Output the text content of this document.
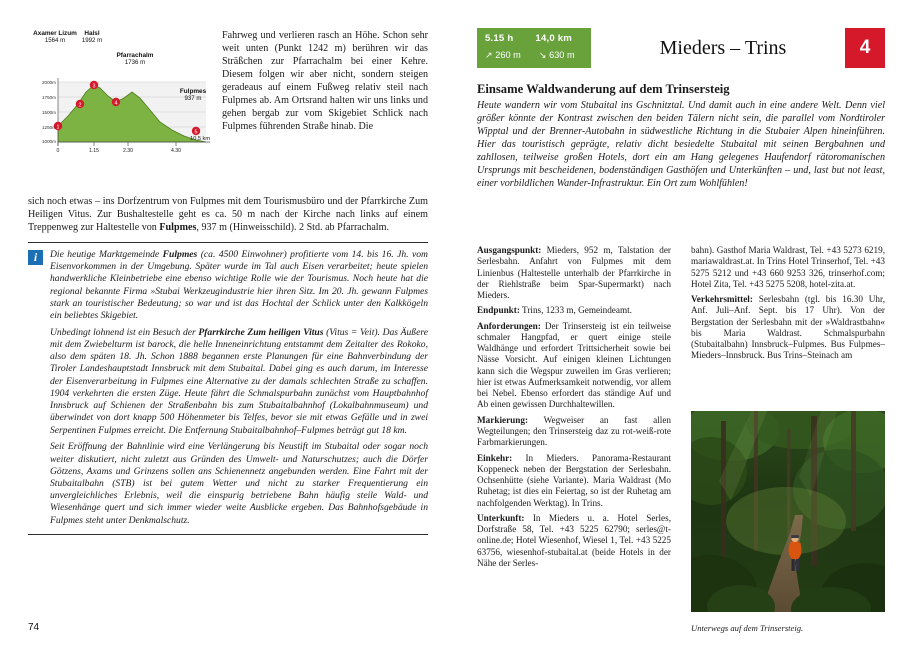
1
2
3
4
5
2000m
1750m
1500m
1250m
1000m
0	1.15	2.30	4.30
10.5 km
Axamer Lizum
1564 m
Halsl
1992 m
Pfarrachalm
1736 m
Fulpmes
937 m

Fahrweg und verlieren rasch an Höhe. Schon sehr weit unten (Punkt 1242 m) berühren wir das Sträßchen zur Pfarrachalm bei einer Kehre. Diesem folgen wir aber nicht, sondern steigen geradeaus auf einem Fußweg relativ steil nach Fulpmes ab. Am Ortsrand halten wir uns links und gehen bergab zur vom Skigebiet Schlick nach Fulpmes führenden Straße hinab. Die

sich noch etwas – ins Dorfzentrum von Fulpmes mit dem Tourismusbüro und der Pfarrkirche Zum Heiligen Vitus. Zur Bushaltestelle geht es ca. 50 m nach der Kirche nach links auf einem Treppenweg zur Haltestelle von Fulpmes, 937 m (Hinweisschild). 2 Std. ab Pfarrachalm.

i	Die heutige Marktgemeinde Fulpmes (ca. 4500 Einwohner) profitierte vom 14. bis 16. Jh. vom Eisenvorkommen in der Umgebung. Später wurde im Tal auch Eisen verarbeitet; heute spielen handwerkliche Kleinbetriebe eine ebenso wichtige Rolle wie der Tourismus. Noch heute hat die regional bekannte Firma »Stubai Werkzeugindustrie hier ihren Sitz. Im 20. Jh. gewann Fulpmes stark an touristischer Bedeutung; so war und ist das Hochtal der Schlick unter den Kalkkögeln ein beliebtes Skigebiet.

Unbedingt lohnend ist ein Besuch der Pfarrkirche Zum heiligen Vitus (Vitus = Veit). Das Äußere mit dem Zwiebelturm ist barock, die helle Inneneinrichtung entstammt dem Zeitalter des Rokoko, also dem späten 18. Jh. Schon 1888 begannen erste Planungen für eine Bahnverbindung der Tiroler Landeshauptstadt Innsbruck mit dem Stubaital. Dabei ging es auch darum, im Interesse der Eisenverarbeitung in Fulpmes eine Alternative zu der damals schlechten Straße zu schaffen. 1904 verkehrten die ersten Züge. Heute fährt die Schmalspurbahn zunächst vom Hauptbahnhof Innsbruck auf Schienen der Straßenbahn bis zum Stubaitalbahnhof (Lokalbahnmuseum) und überwindet von dort knapp 500 Höhenmeter bis Telfes, bevor sie mit etwas Gefälle und in zwei Serpentinen Fulpmes erreicht. Die Entfernung Stubaitalbahnhof–Fulpmes beträgt gut 18 km.

Seit Eröffnung der Bahnlinie wird eine Verlängerung bis Neustift im Stubaital oder sogar noch weiter diskutiert, nicht zuletzt aus Gründen des Umwelt- und Naturschutzes; auch die Dörfer Götzens, Axams und Grinzens sollen ans Schienennetz angebunden werden. Eine Fahrt mit der Stubaitalbahn (STB) ist bei gutem Wetter und nicht zu starker Frequentierung ein unvergleichliches Erlebnis, weil die einspurig betriebene Bahn häufig steile Wald- und Wiesenhänge quert und sich immer wieder weite Ausblicke ergeben. Das Bahnhofsgebäude in Fulpmes steht unter Denkmalschutz.

74
5.15 h 14,0 km
↗ 260 m ↘ 630 m	Mieders – Trins	4
Einsame Waldwanderung auf dem Trinsersteig

Heute wandern wir vom Stubaital ins Gschnitztal. Und damit auch in eine andere Welt. Denn viel größer könnte der Kontrast zwischen den beiden Tälern nicht sein, die parallel vom Nordtiroler Wipptal und der Brenner-Autobahn in südwestliche Richtung in die Stubaier Alpen hineinführen. Hier das touristisch geprägte, relativ dicht besiedelte Stubaital mit seinen Bergbahnen und zahllosen, teilweise großen Hotels, dort ein am Hang gelegenes Haufendorf rätoromanischen Ursprungs mit bescheidenen, bodenständigen Gasthöfen und Unterkünften – und, last but not least, einer vorbildlichen Wander-Infrastruktur. Ein Ort zum Wohlfühlen!

Ausgangspunkt: Mieders, 952 m, Talstation der Serlesbahn. Anfahrt von Fulpmes mit dem Linienbus (Haltestelle unterhalb der Pfarrkirche in der Riehlstraße beim Spar-Supermarkt) nach Mieders.

Endpunkt: Trins, 1233 m, Gemeindeamt.

Anforderungen: Der Trinsersteig ist ein teilweise schmaler Hangpfad, er quert einige steile Waldhänge und erfordert Trittsicherheit sowie bei Nässe Vorsicht. Auf einigen kleinen Lichtungen kann sich die Wegspur zuweilen im Gras verlieren; hier ist etwas Aufmerksamkeit notwendig, vor allem bei Nebel. Ebenso erfordert das ständige Auf und Ab einen gewissen Durchhaltewillen.

Markierung: Wegweiser an fast allen Wegteilungen; den Trinsersteig daz zu rot-weiß-rote Farbmarkierungen.

Einkehr: In Mieders. Panorama-Restaurant Koppeneck neben der Bergstation der Serlesbahn. Ochsenhütte (siehe Variante). Maria Waldrast (Mo Ruhetag; ist dies ein Feiertag, so ist der Ruhetag am nachfolgenden Werktag). In Trins.

Unterkunft: In Mieders u. a. Hotel Serles, Dorfstraße 58, Tel. +43 5225 62790; serles@t-online.de; Hotel Wiesenhof, Wiesel 1, Tel. +43 5225 63756, wiesenhof-stubaital.at (beide Hotels in der Nähe der Serles-

bahn). Gasthof Maria Waldrast, Tel. +43 5273 6219, mariawaldrast.at. In Trins Hotel Trinserhof, Tel. +43 5275 5212 und +43 660 9253 326, trinserhof.com; Hotel Zita, Tel. +43 5275 5208, hotel-zita.at.

Verkehrsmittel: Serlesbahn (tgl. bis 16.30 Uhr, Anf. Juli–Anf. Sept. bis 17 Uhr). Von der Bergstation der Serlesbahn mit der »Waldrastbahn« bis Maria Waldrast. Schmalspurbahn (Stubaitalbahn) Innsbruck–Fulpmes. Bus Fulpmes–Mieders–Innsbruck. Bus Trins–Steinach am

Unterwegs auf dem Trinsersteig.
